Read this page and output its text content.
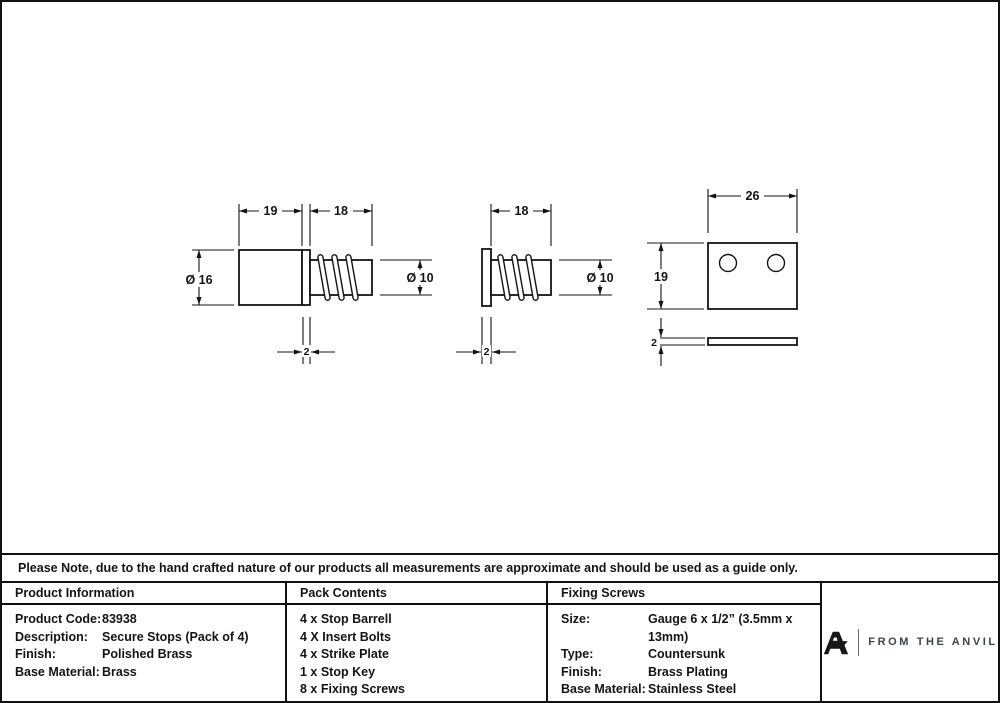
19	18
Ø 16	Ø 10
2
18
Ø 10
2
26
19
2
Please Note, due to the hand crafted nature of our products all measurements are approximate and should be used as a guide only.
Product Information
Product Code: 83938
Description:	Secure Stops (Pack of 4)
Finish:	Polished Brass
Base Material: Brass
Pack Contents
4 x Stop Barrell
4 X Insert Bolts
4 x Strike Plate
1 x Stop Key
8 x Fixing Screws
Fixing Screws
Size:	Gauge 6 x 1/2” (3.5mm x 13mm)
Type:	Countersunk
Finish:	Brass Plating
Base Material: Stainless Steel
FROM THE ANVIL
